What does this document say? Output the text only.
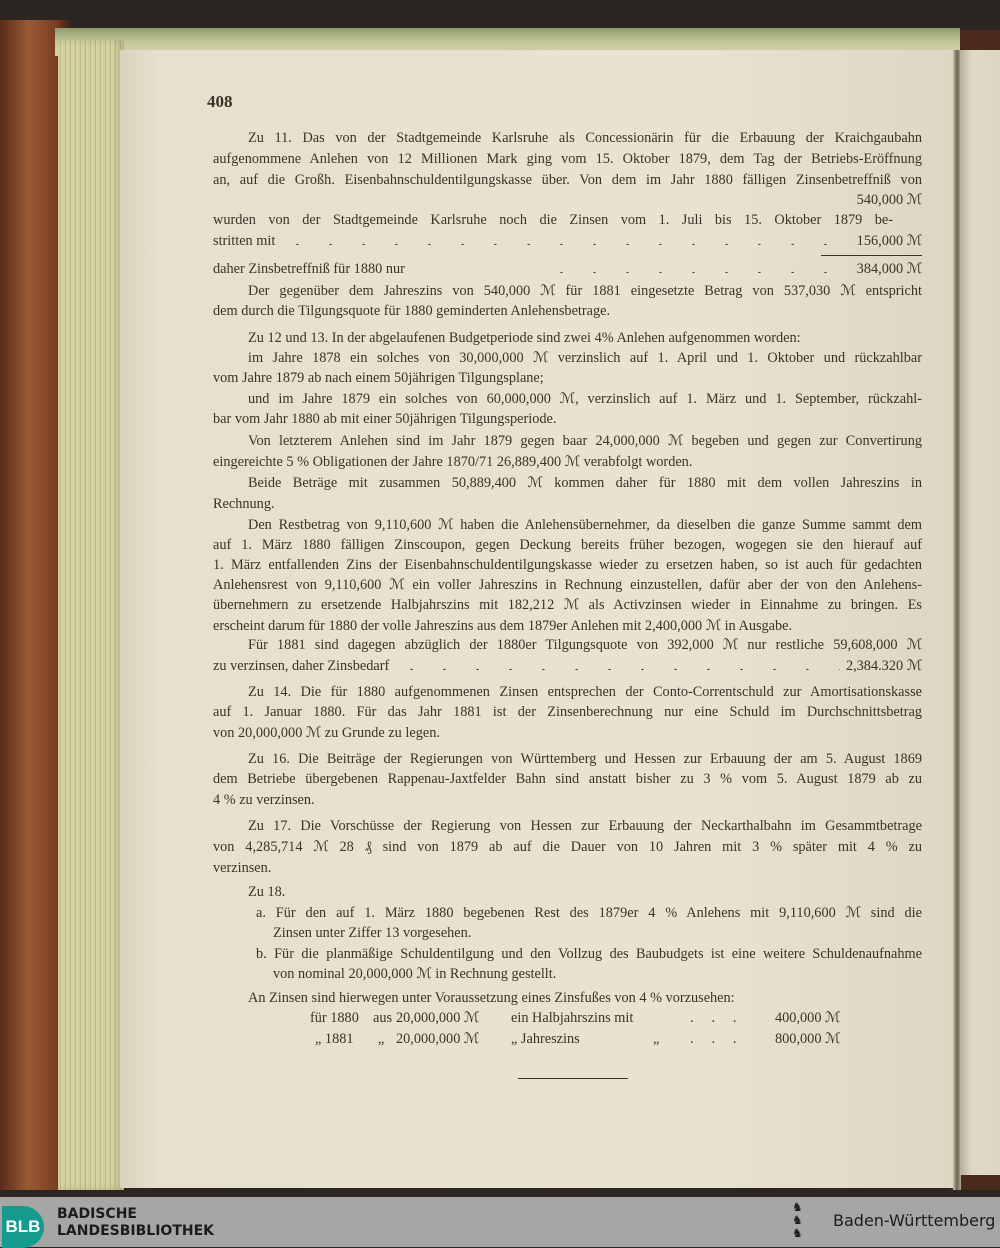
408
Zu 11. Das von der Stadtgemeinde Karlsruhe als Concessionärin für die Erbauung der Kraichgaubahn
aufgenommene Anlehen von 12 Millionen Mark ging vom 15. Oktober 1879, dem Tag der Betriebs-Eröffnung
an, auf die Großh. Eisenbahnschuldentilgungskasse über. Von dem im Jahr 1880 fälligen Zinsenbetreffniß von
540,000 ℳ
wurden von der Stadtgemeinde Karlsruhe noch die Zinsen vom 1. Juli bis 15. Oktober 1879 be-
stritten mit	156,000 ℳ
daher Zinsbetreffniß für 1880 nur	384,000 ℳ
Der gegenüber dem Jahreszins von 540,000 ℳ für 1881 eingesetzte Betrag von 537,030 ℳ entspricht
dem durch die Tilgungsquote für 1880 geminderten Anlehensbetrage.
Zu 12 und 13. In der abgelaufenen Budgetperiode sind zwei 4% Anlehen aufgenommen worden:
im Jahre 1878 ein solches von 30,000,000 ℳ verzinslich auf 1. April und 1. Oktober und rückzahlbar
vom Jahre 1879 ab nach einem 50jährigen Tilgungsplane;
und im Jahre 1879 ein solches von 60,000,000 ℳ, verzinslich auf 1. März und 1. September, rückzahl-
bar vom Jahr 1880 ab mit einer 50jährigen Tilgungsperiode.
Von letzterem Anlehen sind im Jahr 1879 gegen baar 24,000,000 ℳ begeben und gegen zur Convertirung
eingereichte 5 % Obligationen der Jahre 1870/71 26,889,400 ℳ verabfolgt worden.
Beide Beträge mit zusammen 50,889,400 ℳ kommen daher für 1880 mit dem vollen Jahreszins in
Rechnung.
Den Restbetrag von 9,110,600 ℳ haben die Anlehensübernehmer, da dieselben die ganze Summe sammt dem
auf 1. März 1880 fälligen Zinscoupon, gegen Deckung bereits früher bezogen, wogegen sie den hierauf auf
1. März entfallenden Zins der Eisenbahnschuldentilgungskasse wieder zu ersetzen haben, so ist auch für gedachten
Anlehensrest von 9,110,600 ℳ ein voller Jahreszins in Rechnung einzustellen, dafür aber der von den Anlehens-
übernehmern zu ersetzende Halbjahrszins mit 182,212 ℳ als Activzinsen wieder in Einnahme zu bringen. Es
erscheint darum für 1880 der volle Jahreszins aus dem 1879er Anlehen mit 2,400,000 ℳ in Ausgabe.
Für 1881 sind dagegen abzüglich der 1880er Tilgungsquote von 392,000 ℳ nur restliche 59,608,000 ℳ
zu verzinsen, daher Zinsbedarf	2,384.320 ℳ
Zu 14. Die für 1880 aufgenommenen Zinsen entsprechen der Conto-Correntschuld zur Amortisationskasse
auf 1. Januar 1880. Für das Jahr 1881 ist der Zinsenberechnung nur eine Schuld im Durchschnittsbetrag
von 20,000,000 ℳ zu Grunde zu legen.
Zu 16. Die Beiträge der Regierungen von Württemberg und Hessen zur Erbauung der am 5. August 1869
dem Betriebe übergebenen Rappenau-Jaxtfelder Bahn sind anstatt bisher zu 3 % vom 5. August 1879 ab zu
4 % zu verzinsen.
Zu 17. Die Vorschüsse der Regierung von Hessen zur Erbauung der Neckarthalbahn im Gesammtbetrage
von 4,285,714 ℳ 28 ₰ sind von 1879 ab auf die Dauer von 10 Jahren mit 3 % später mit 4 % zu
verzinsen.
Zu 18.
a. Für den auf 1. März 1880 begebenen Rest des 1879er 4 % Anlehens mit 9,110,600 ℳ sind die
Zinsen unter Ziffer 13 vorgesehen.
b. Für die planmäßige Schuldentilgung und den Vollzug des Baubudgets ist eine weitere Schuldenaufnahme
von nominal 20,000,000 ℳ in Rechnung gestellt.
An Zinsen sind hierwegen unter Voraussetzung eines Zinsfußes von 4 % vorzusehen:
für 1880 aus 20,000,000 ℳ ein Halbjahrszins mit	.     .     .	400,000 ℳ
„ 1881 „ 20,000,000 ℳ „ Jahreszins	„ .     .     .	800,000 ℳ
BLB
BADISCHE
LANDESBIBLIOTHEK
♞
♞
♞
Baden-Württemberg
